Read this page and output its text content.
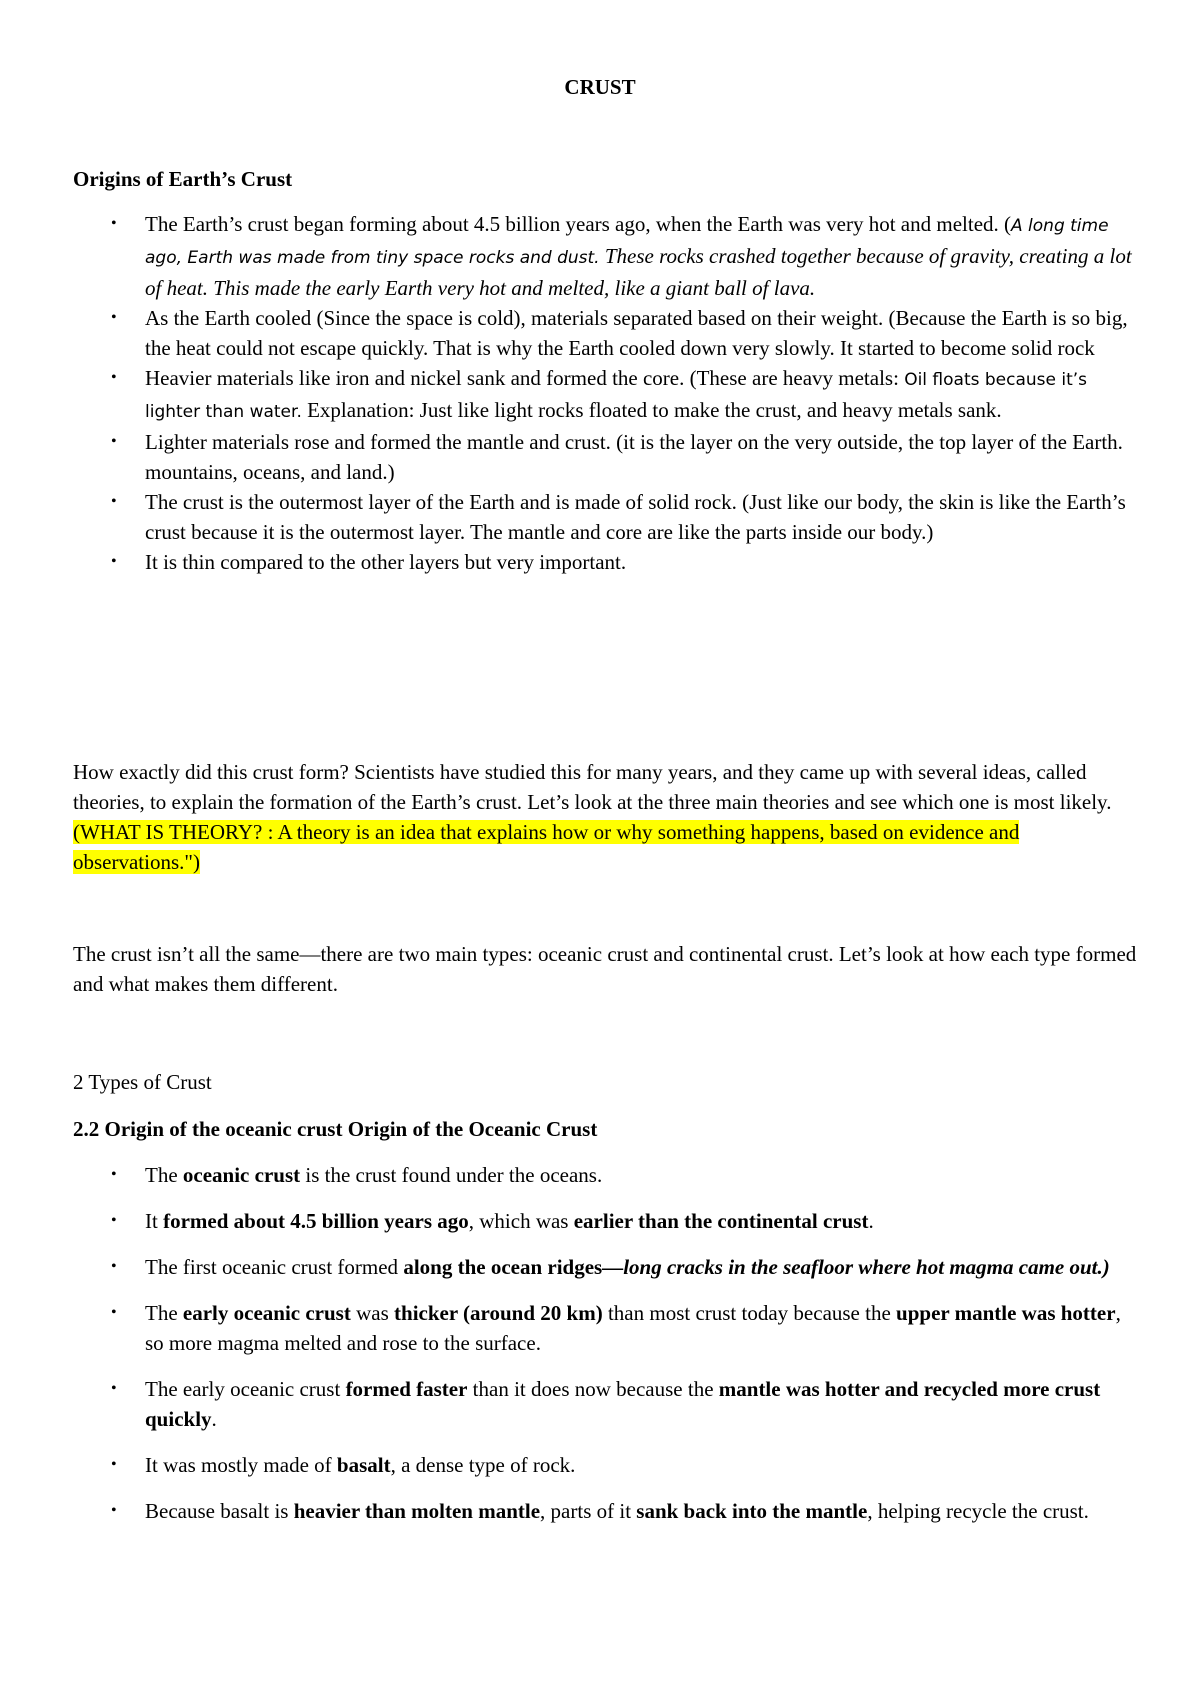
CRUST
Origins of Earth’s Crust
• The Earth’s crust began forming about 4.5 billion years ago, when the Earth was very hot and melted. (A long time ago, Earth was made from tiny space rocks and dust. These rocks crashed together because of gravity, creating a lot of heat. This made the early Earth very hot and melted, like a giant ball of lava.
• As the Earth cooled (Since the space is cold), materials separated based on their weight. (Because the Earth is so big, the heat could not escape quickly. That is why the Earth cooled down very slowly. It started to become solid rock
• Heavier materials like iron and nickel sank and formed the core. (These are heavy metals: Oil floats because it’s lighter than water. Explanation: Just like light rocks floated to make the crust, and heavy metals sank.
• Lighter materials rose and formed the mantle and crust. (it is the layer on the very outside, the top layer of the Earth. mountains, oceans, and land.)
• The crust is the outermost layer of the Earth and is made of solid rock. (Just like our body, the skin is like the Earth’s crust because it is the outermost layer. The mantle and core are like the parts inside our body.)
• It is thin compared to the other layers but very important.
How exactly did this crust form? Scientists have studied this for many years, and they came up with several ideas, called theories, to explain the formation of the Earth’s crust. Let’s look at the three main theories and see which one is most likely. (WHAT IS THEORY? : A theory is an idea that explains how or why something happens, based on evidence and observations.")
The crust isn’t all the same—there are two main types: oceanic crust and continental crust. Let’s look at how each type formed and what makes them different.
2 Types of Crust
2.2 Origin of the oceanic crust Origin of the Oceanic Crust
• The oceanic crust is the crust found under the oceans.
• It formed about 4.5 billion years ago, which was earlier than the continental crust.
• The first oceanic crust formed along the ocean ridges—long cracks in the seafloor where hot magma came out.)
• The early oceanic crust was thicker (around 20 km) than most crust today because the upper mantle was hotter, so more magma melted and rose to the surface.
• The early oceanic crust formed faster than it does now because the mantle was hotter and recycled more crust quickly.
• It was mostly made of basalt, a dense type of rock.
• Because basalt is heavier than molten mantle, parts of it sank back into the mantle, helping recycle the crust.
